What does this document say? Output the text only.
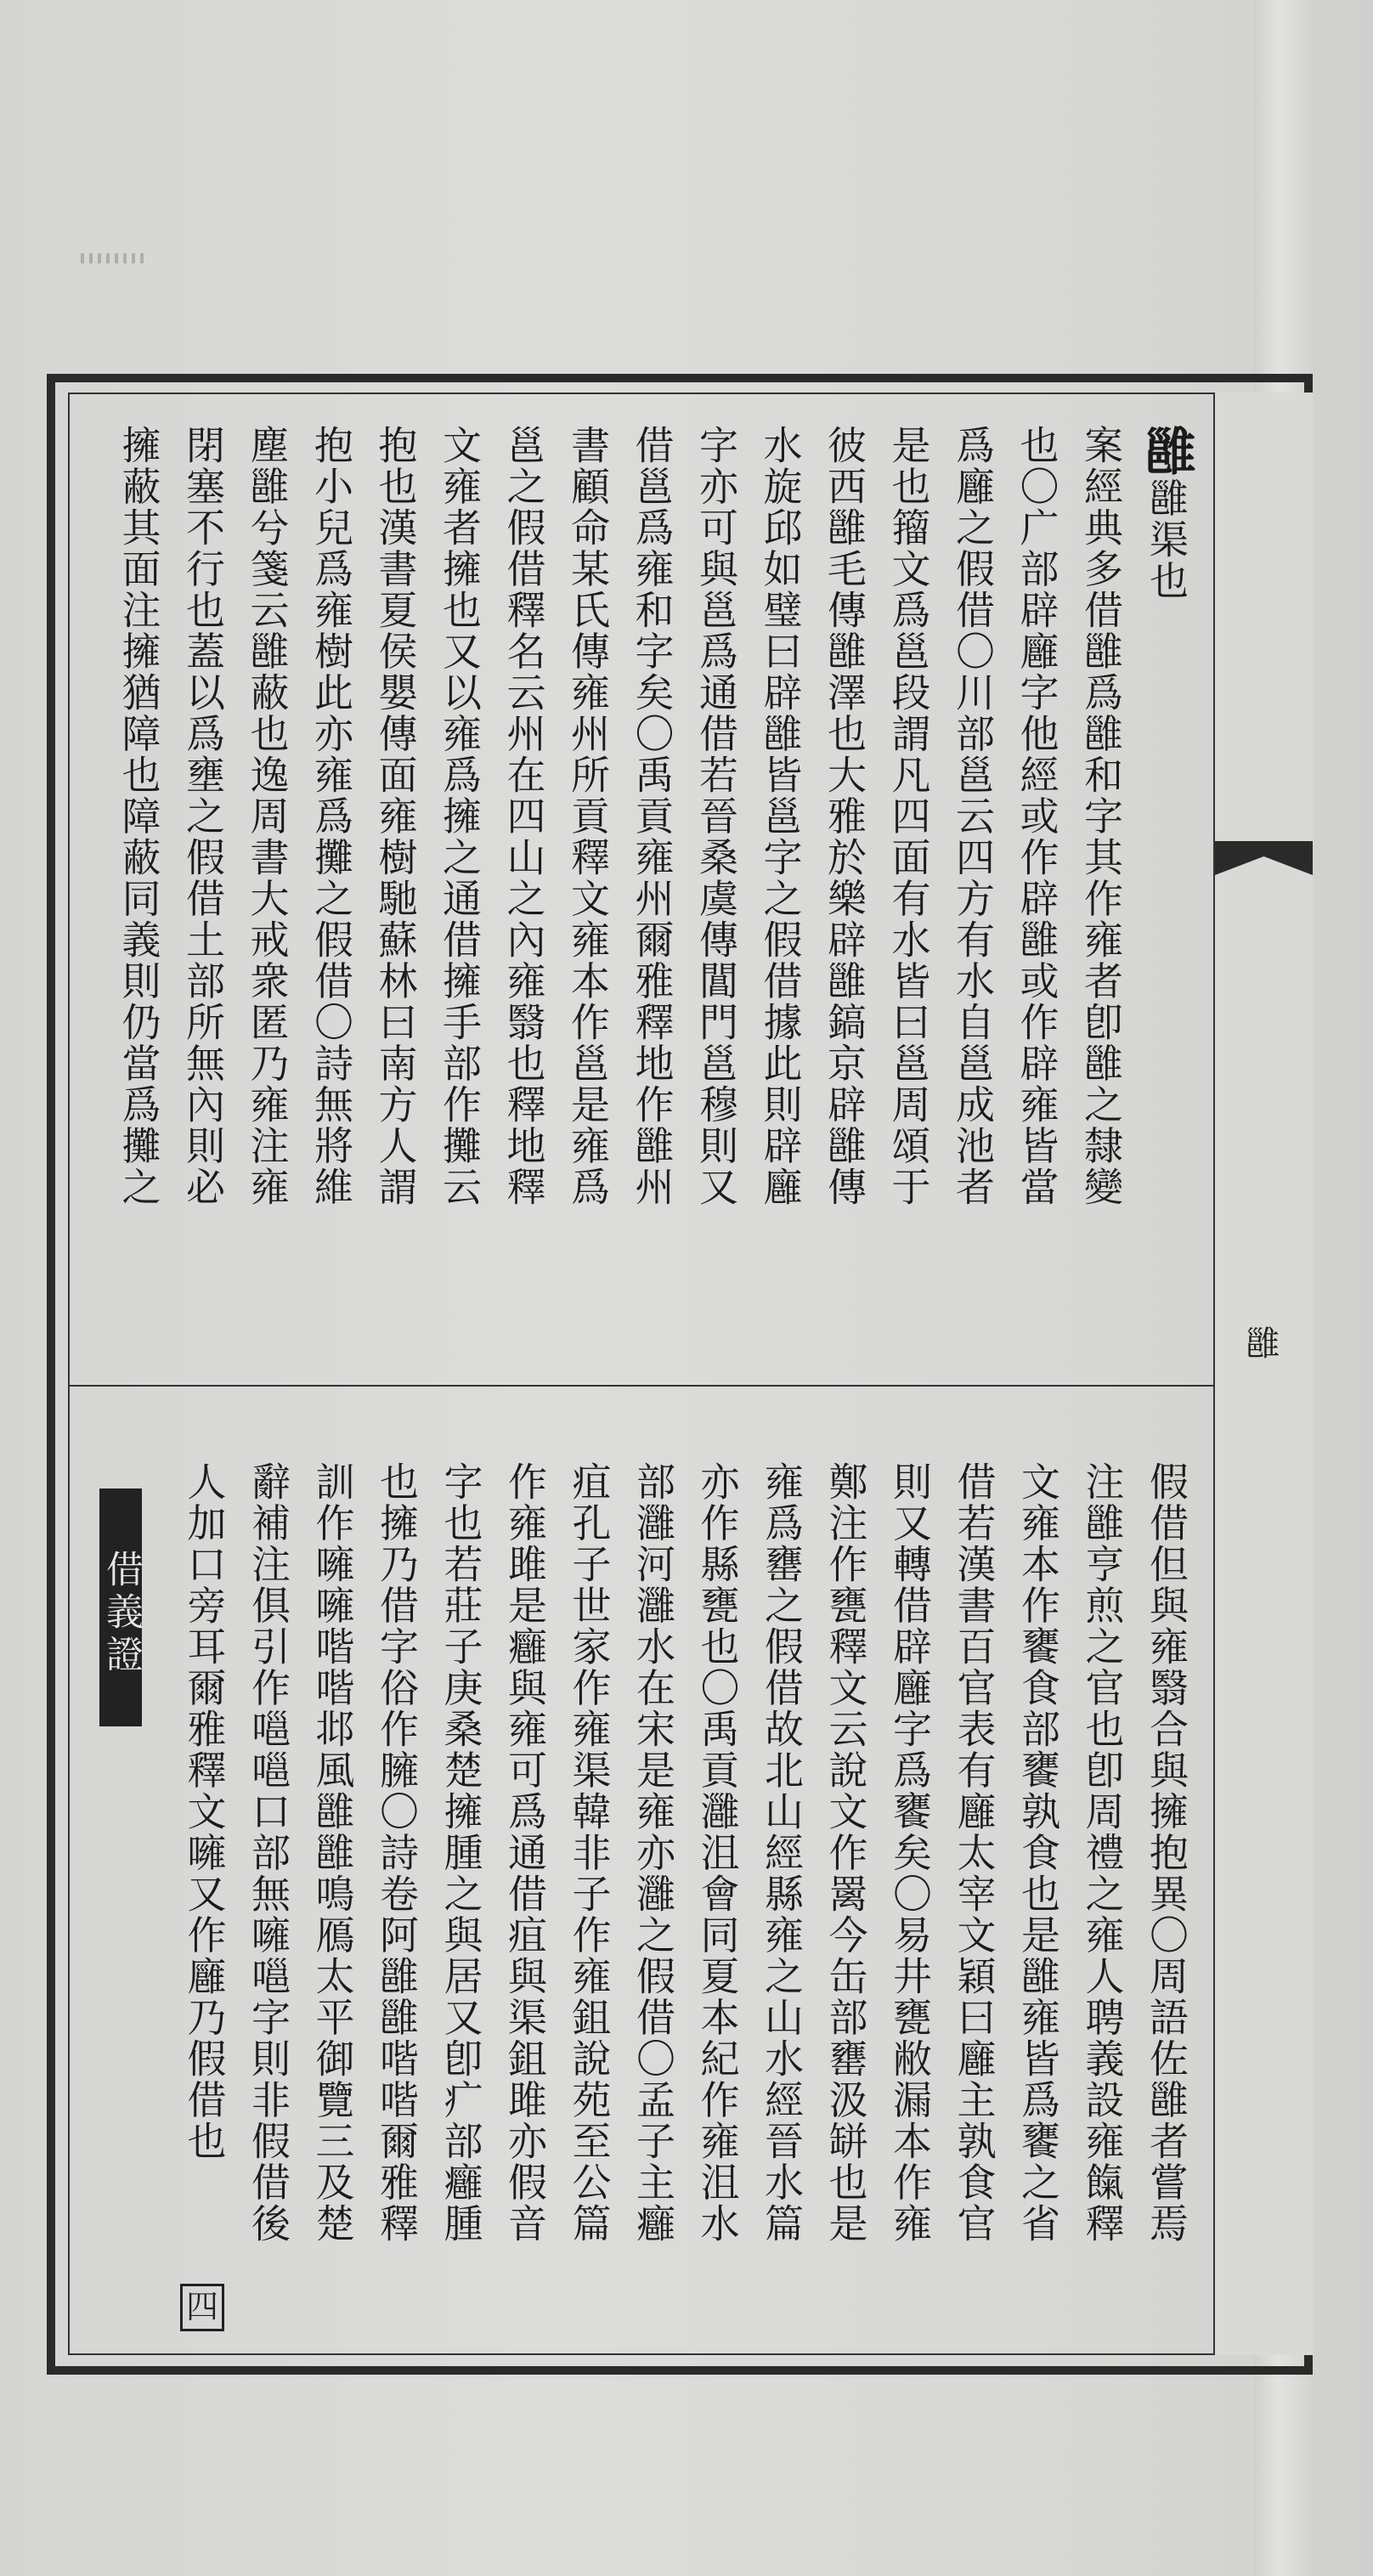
雝
雝雝渠也
案經典多借雝爲雝和字其作雍者卽雝之隸變
也〇广部辟廱字他經或作辟雝或作辟雍皆當
爲廱之假借〇川部邕云四方有水自邕成池者
是也籀文爲邕段謂凡四面有水皆曰邕周頌于
彼西雝毛傳雝澤也大雅於樂辟雝鎬京辟雝傳
水旋邱如璧曰辟雝皆邕字之假借據此則辟廱
字亦可與邕爲通借若晉桑虞傳閶門邕穆則又
借邕爲雍和字矣〇禹貢雍州爾雅釋地作雝州
書顧命某氏傳雍州所貢釋文雍本作邕是雍爲
邕之假借釋名云州在四山之內雍翳也釋地釋
文雍者擁也又以雍爲擁之通借擁手部作攤云
抱也漢書夏侯嬰傳面雍樹馳蘇林曰南方人謂
抱小兒爲雍樹此亦雍爲攤之假借〇詩無將維
塵雝兮箋云雝蔽也逸周書大戒衆匿乃雍注雍
閉塞不行也蓋以爲壅之假借土部所無內則必
擁蔽其面注擁猶障也障蔽同義則仍當爲攤之
假借但與雍翳合與擁抱異〇周語佐雝者嘗焉
注雝亨煎之官也卽周禮之雍人聘義設雍餼釋
文雍本作饔食部饔孰食也是雝雍皆爲饔之省
借若漢書百官表有廱太宰文穎曰廱主孰食官
則又轉借辟廱字爲饔矣〇易井甕敝漏本作雍
鄭注作甕釋文云說文作䍠今缶部罋汲缾也是
雍爲罋之假借故北山經縣雍之山水經晉水篇
亦作縣甕也〇禹貢灉沮會同夏本紀作雍沮水
部灉河灉水在宋是雍亦灉之假借〇孟子主癰
疽孔子世家作雍渠韓非子作雍鉏說苑至公篇
作雍雎是癰與雍可爲通借疽與渠鉏雎亦假音
字也若莊子庚桑楚擁腫之與居又卽疒部癰腫
也擁乃借字俗作臃〇詩卷阿雝雝喈喈爾雅釋
訓作噰噰喈喈邶風雝雝鳴鴈太平御覽三及楚
辭補注俱引作嗈嗈口部無噰嗈字則非假借後
人加口旁耳爾雅釋文噰又作廱乃假借也
借義證
四
